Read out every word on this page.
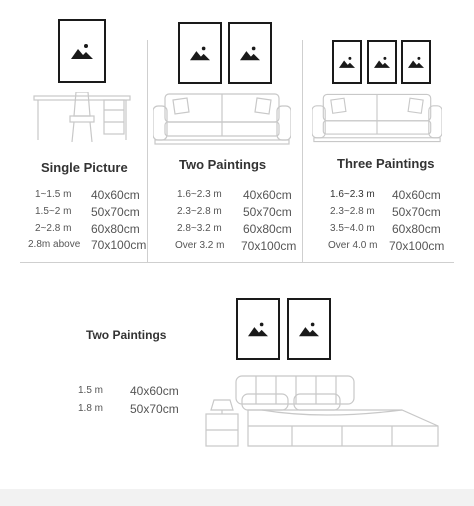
Single Picture
1~1.5 m 40x60cm
1.5~2 m 50x70cm
2~2.8 m 60x80cm
2.8m above 70x100cm
Two Paintings
1.6~2.3 m 40x60cm
2.3~2.8 m 50x70cm
2.8~3.2 m 60x80cm
Over 3.2 m 70x100cm
Three Paintings
1.6~2.3 m 40x60cm
2.3~2.8 m 50x70cm
3.5~4.0 m 60x80cm
Over 4.0 m 70x100cm
Two Paintings
1.5 m 40x60cm
1.8 m 50x70cm
